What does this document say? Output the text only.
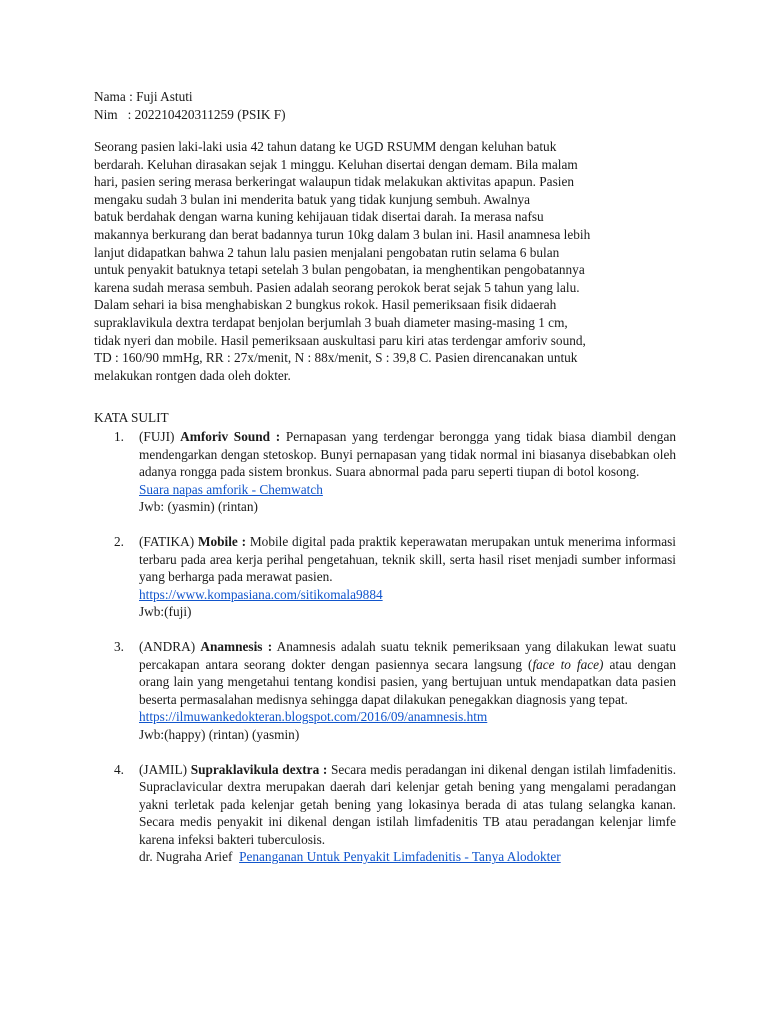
Nama : Fuji Astuti

Nim   : 202210420311259 (PSIK F)

Seorang pasien laki-laki usia 42 tahun datang ke UGD RSUMM dengan keluhan batuk

berdarah. Keluhan dirasakan sejak 1 minggu. Keluhan disertai dengan demam. Bila malam

hari, pasien sering merasa berkeringat walaupun tidak melakukan aktivitas apapun. Pasien

mengaku sudah 3 bulan ini menderita batuk yang tidak kunjung sembuh. Awalnya

batuk berdahak dengan warna kuning kehijauan tidak disertai darah. Ia merasa nafsu

makannya berkurang dan berat badannya turun 10kg dalam 3 bulan ini. Hasil anamnesa lebih

lanjut didapatkan bahwa 2 tahun lalu pasien menjalani pengobatan rutin selama 6 bulan

untuk penyakit batuknya tetapi setelah 3 bulan pengobatan, ia menghentikan pengobatannya

karena sudah merasa sembuh. Pasien adalah seorang perokok berat sejak 5 tahun yang lalu.

Dalam sehari ia bisa menghabiskan 2 bungkus rokok. Hasil pemeriksaan fisik didaerah

supraklavikula dextra terdapat benjolan berjumlah 3 buah diameter masing-masing 1 cm,

tidak nyeri dan mobile. Hasil pemeriksaan auskultasi paru kiri atas terdengar amforiv sound,

TD : 160/90 mmHg, RR : 27x/menit, N : 88x/menit, S : 39,8 C. Pasien direncanakan untuk

melakukan rontgen dada oleh dokter.

KATA SULIT

1. (FUJI) Amforiv Sound : Pernapasan yang terdengar berongga yang tidak biasa diambil dengan mendengarkan dengan stetoskop. Bunyi pernapasan yang tidak normal ini biasanya disebabkan oleh adanya rongga pada sistem bronkus. Suara abnormal pada paru seperti tiupan di botol kosong.

Suara napas amforik - Chemwatch

Jwb: (yasmin) (rintan)

2. (FATIKA) Mobile : Mobile digital pada praktik keperawatan merupakan untuk menerima informasi terbaru pada area kerja perihal pengetahuan, teknik skill, serta hasil riset menjadi sumber informasi yang berharga pada merawat pasien.

https://www.kompasiana.com/sitikomala9884

Jwb:(fuji)

3. (ANDRA) Anamnesis : Anamnesis adalah suatu teknik pemeriksaan yang dilakukan lewat suatu percakapan antara seorang dokter dengan pasiennya secara langsung (face to face) atau dengan orang lain yang mengetahui tentang kondisi pasien, yang bertujuan untuk mendapatkan data pasien beserta permasalahan medisnya sehingga dapat dilakukan penegakkan diagnosis yang tepat.

https://ilmuwankedokteran.blogspot.com/2016/09/anamnesis.htm

Jwb:(happy) (rintan) (yasmin)

4. (JAMIL) Supraklavikula dextra : Secara medis peradangan ini dikenal dengan istilah limfadenitis. Supraclavicular dextra merupakan daerah dari kelenjar getah bening yang mengalami peradangan yakni terletak pada kelenjar getah bening yang lokasinya berada di atas tulang selangka kanan. Secara medis penyakit ini dikenal dengan istilah limfadenitis TB atau peradangan kelenjar limfe karena infeksi bakteri tuberculosis.

dr. Nugraha Arief Penanganan Untuk Penyakit Limfadenitis - Tanya Alodokter
